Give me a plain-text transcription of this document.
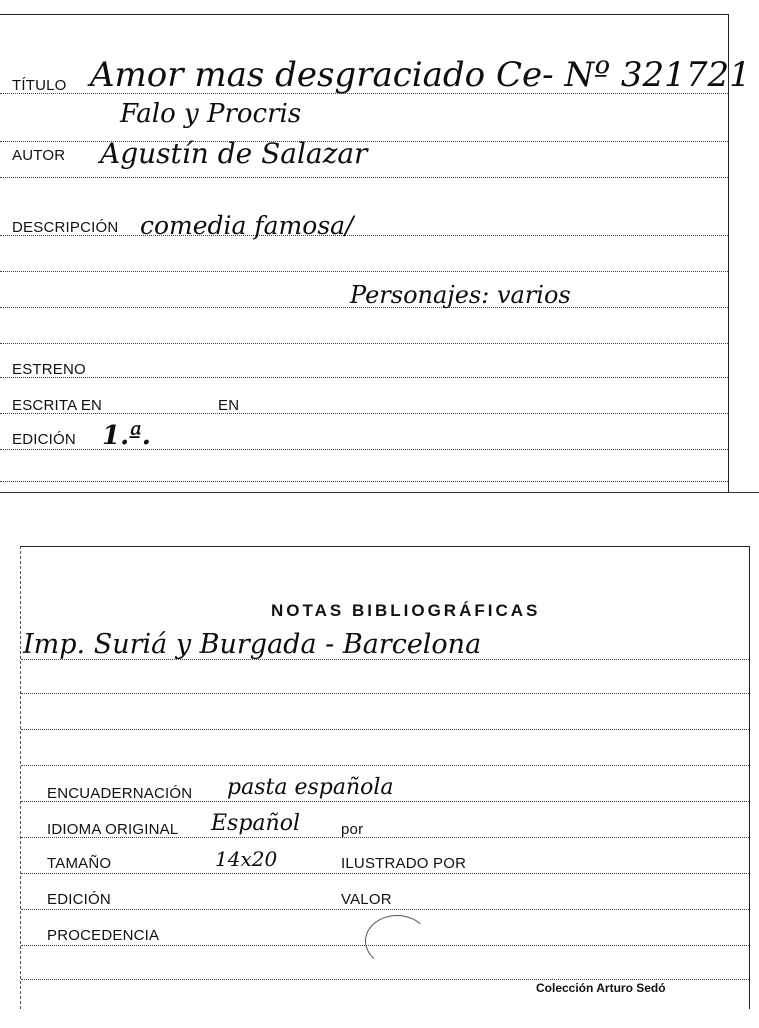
TÍTULO Amor mas desgraciado Ce- Nº 321721
Falo y Procris
AUTOR Agustín de Salazar
DESCRIPCIÓN comedia famosa/
Personajes: varios
ESTRENO
ESCRITA EN	EN
EDICIÓN 1.ª.
NOTAS BIBLIOGRÁFICAS
Imp. Suriá y Burgada - Barcelona
ENCUADERNACIÓN pasta española
IDIOMA ORIGINAL Español	por
TAMAÑO	14x20	ILUSTRADO POR
EDICIÓN	VALOR
PROCEDENCIA
Colección Arturo Sedó
